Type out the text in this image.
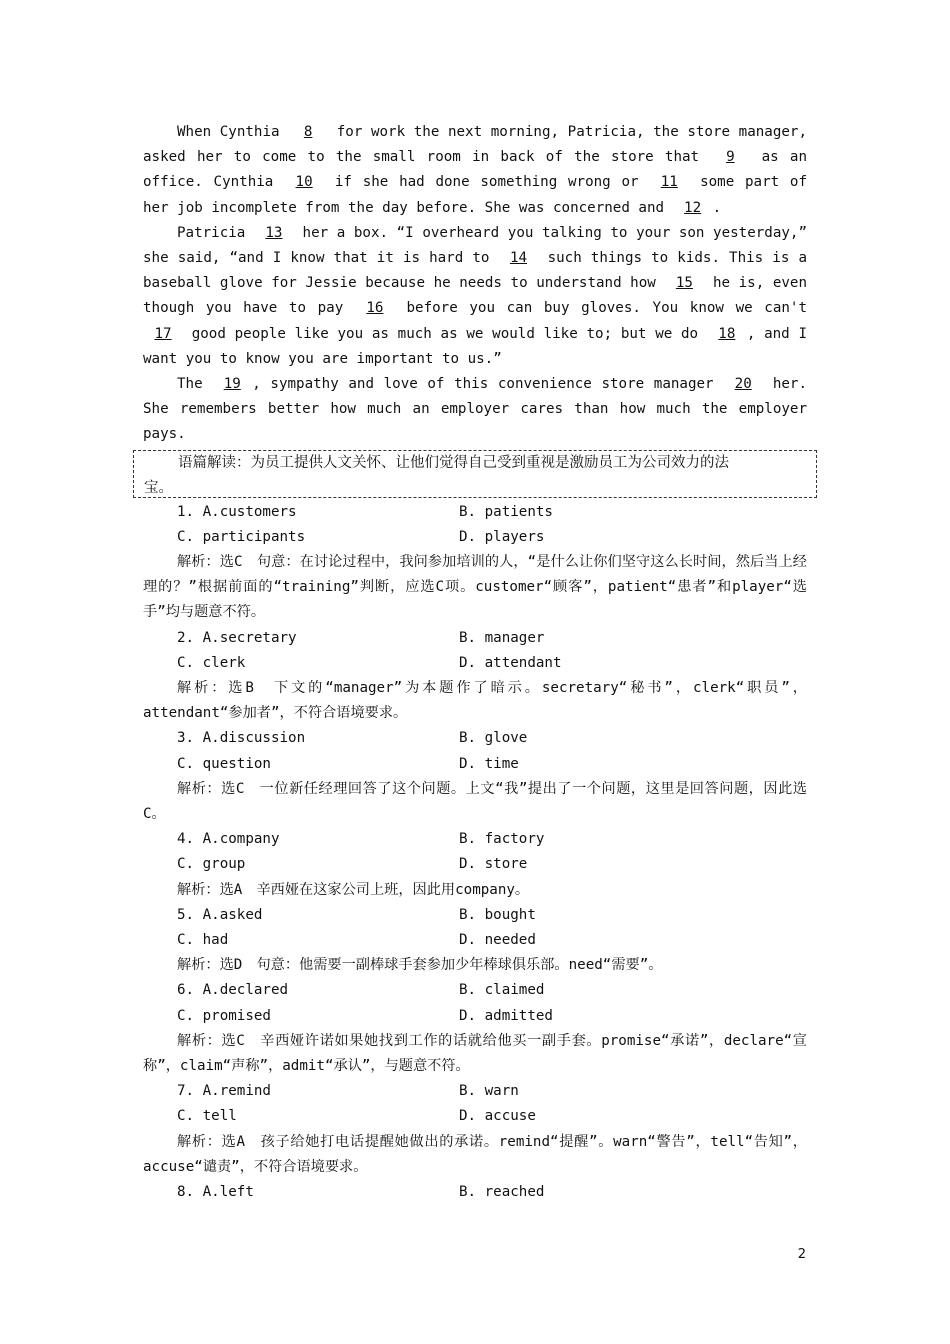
When Cynthia 8 for work the next morning, Patricia, the store manager, asked her to come to the small room in back of the store that 9 as an office. Cynthia 10 if she had done something wrong or 11 some part of her job incomplete from the day before. She was concerned and 12 .
Patricia 13 her a box. “I overheard you talking to your son yesterday,” she said, “and I know that it is hard to 14 such things to kids. This is a baseball glove for Jessie because he needs to understand how 15 he is, even though you have to pay 16 before you can buy gloves. You know we can't 17 good people like you as much as we would like to; but we do 18 , and I want you to know you are important to us.”
The 19 , sympathy and love of this convenience store manager 20 her. She remembers better how much an employer cares than how much the employer pays.
语篇解读：为员工提供人文关怀、让他们觉得自己受到重视是激励员工为公司效力的法
宝。
1. A.customers	B. patients
C. participants	D. players
解析：选C　句意：在讨论过程中，我问参加培训的人，“是什么让你们坚守这么长时间，然后当上经理的？”根据前面的“training”判断，应选C项。customer“顾客”，patient“患者”和player“选手”均与题意不符。
2. A.secretary	B. manager
C. clerk	D. attendant
解析：选B　下文的“manager”为本题作了暗示。secretary“秘书”，clerk“职员”，attendant“参加者”，不符合语境要求。
3. A.discussion	B. glove
C. question	D. time
解析：选C　一位新任经理回答了这个问题。上文“我”提出了一个问题，这里是回答问题，因此选C。
4. A.company	B. factory
C. group	D. store
解析：选A　辛西娅在这家公司上班，因此用company。
5. A.asked	B. bought
C. had	D. needed
解析：选D　句意：他需要一副棒球手套参加少年棒球俱乐部。need“需要”。
6. A.declared	B. claimed
C. promised	D. admitted
解析：选C　辛西娅许诺如果她找到工作的话就给他买一副手套。promise“承诺”，declare“宣称”，claim“声称”，admit“承认”，与题意不符。
7. A.remind	B. warn
C. tell	D. accuse
解析：选A　孩子给她打电话提醒她做出的承诺。remind“提醒”。warn“警告”，tell“告知”，accuse“谴责”，不符合语境要求。
8. A.left	B. reached
2
